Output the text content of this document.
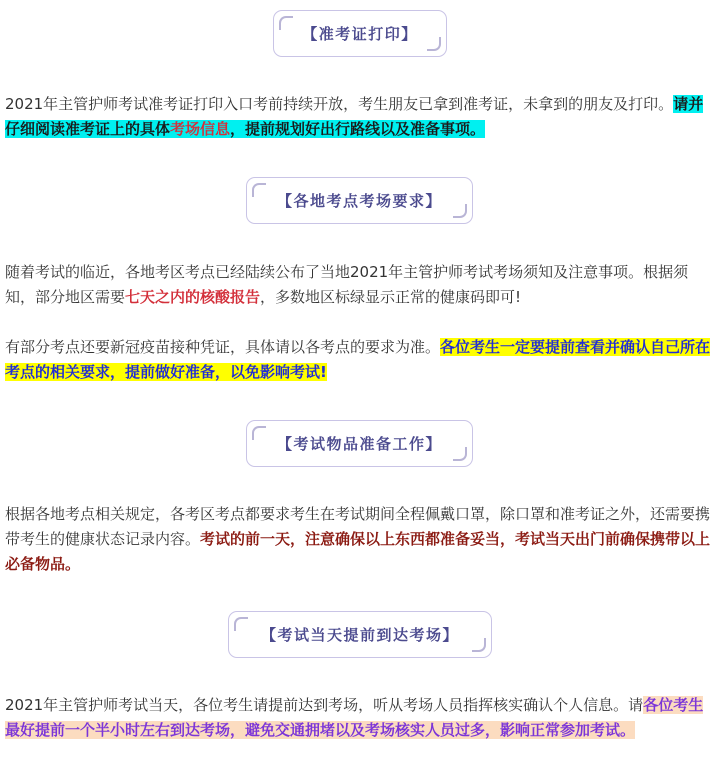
【准考证打印】

2021年主管护师考试准考证打印入口考前持续开放，考生朋友已拿到准考证，未拿到的朋友及打印。请并仔细阅读准考证上的具体考场信息，提前规划好出行路线以及准备事项。

【各地考点考场要求】

随着考试的临近，各地考区考点已经陆续公布了当地2021年主管护师考试考场须知及注意事项。根据须知，部分地区需要七天之内的核酸报告，多数地区标绿显示正常的健康码即可!

有部分考点还要新冠疫苗接种凭证，具体请以各考点的要求为准。各位考生一定要提前查看并确认自己所在考点的相关要求，提前做好准备，以免影响考试!

【考试物品准备工作】

根据各地考点相关规定，各考区考点都要求考生在考试期间全程佩戴口罩，除口罩和准考证之外，还需要携带考生的健康状态记录内容。考试的前一天，注意确保以上东西都准备妥当，考试当天出门前确保携带以上必备物品。

【考试当天提前到达考场】

2021年主管护师考试当天，各位考生请提前达到考场，听从考场人员指挥核实确认个人信息。请各位考生最好提前一个半小时左右到达考场，避免交通拥堵以及考场核实人员过多，影响正常参加考试。
